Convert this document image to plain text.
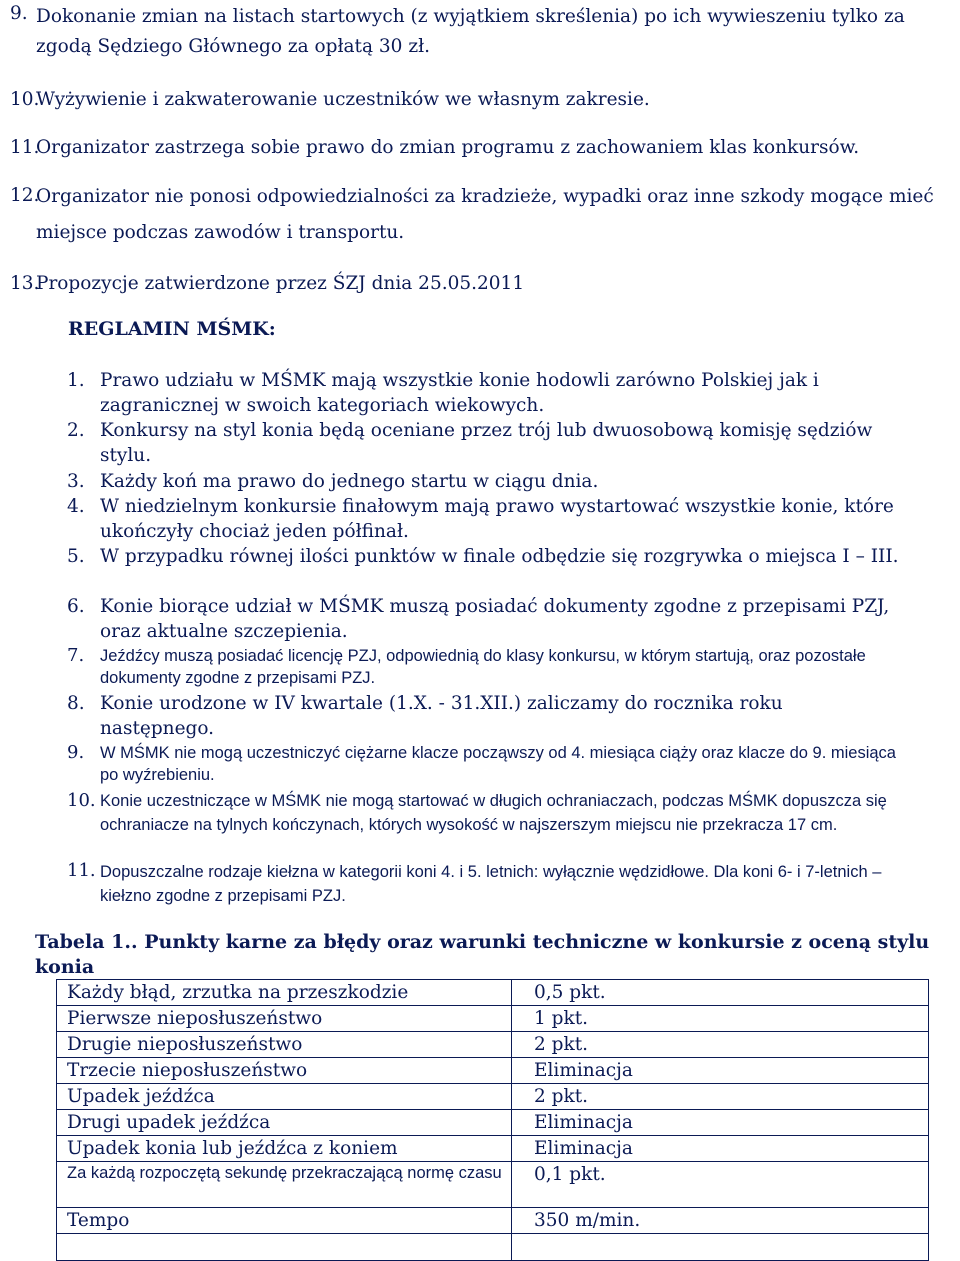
9. Dokonanie zmian na listach startowych (z wyjątkiem skreślenia) po ich wywieszeniu tylko za zgodą Sędziego Głównego za opłatą 30 zł.
10.
Wyżywienie i zakwaterowanie uczestników we własnym zakresie.
11.
Organizator zastrzega sobie prawo do zmian programu z zachowaniem klas konkursów.
12.
Organizator nie ponosi odpowiedzialności za kradzieże, wypadki oraz inne szkody mogące mieć miejsce podczas zawodów i transportu.
13.
Propozycje zatwierdzone przez ŚZJ dnia 25.05.2011
REGLAMIN MŚMK:
1. Prawo udziału w MŚMK mają wszystkie konie hodowli zarówno Polskiej jak i zagranicznej w swoich kategoriach wiekowych.
2. Konkursy na styl konia będą oceniane przez trój lub dwuosobową komisję sędziów stylu.
3. Każdy koń ma prawo do jednego startu w ciągu dnia.
4. W niedzielnym konkursie finałowym mają prawo wystartować wszystkie konie, które ukończyły chociaż jeden półfinał.
5. W przypadku równej ilości punktów w finale odbędzie się rozgrywka o miejsca I – III.
6. Konie biorące udział w MŚMK muszą posiadać dokumenty zgodne z przepisami PZJ, oraz aktualne szczepienia.
7. Jeźdźcy muszą posiadać licencję PZJ, odpowiednią do klasy konkursu, w którym startują, oraz pozostałe dokumenty zgodne z przepisami PZJ.
8. Konie urodzone w IV kwartale (1.X. - 31.XII.) zaliczamy do rocznika roku następnego.
9. W MŚMK nie mogą uczestniczyć ciężarne klacze począwszy od 4. miesiąca ciąży oraz klacze do 9. miesiąca po wyźrebieniu.
10. Konie uczestniczące w MŚMK nie mogą startować w długich ochraniaczach, podczas MŚMK dopuszcza się ochraniacze na tylnych kończynach, których wysokość w najszerszym miejscu nie przekracza 17 cm.
11. Dopuszczalne rodzaje kiełzna w kategorii koni 4. i 5. letnich: wyłącznie wędzidłowe. Dla koni 6- i 7-letnich – kiełzno zgodne z przepisami PZJ.
Tabela 1.. Punkty karne za błędy oraz warunki techniczne w konkursie z oceną stylu konia
Każdy błąd, zrzutka na przeszkodzie	0,5 pkt.
Pierwsze nieposłuszeństwo	1 pkt.
Drugie nieposłuszeństwo	2 pkt.
Trzecie nieposłuszeństwo	Eliminacja
Upadek jeźdźca	2 pkt.
Drugi upadek jeźdźca	Eliminacja
Upadek konia lub jeźdźca z koniem	Eliminacja
Za każdą rozpoczętą sekundę przekraczającą normę czasu	0,1 pkt.
Tempo	350 m/min.
